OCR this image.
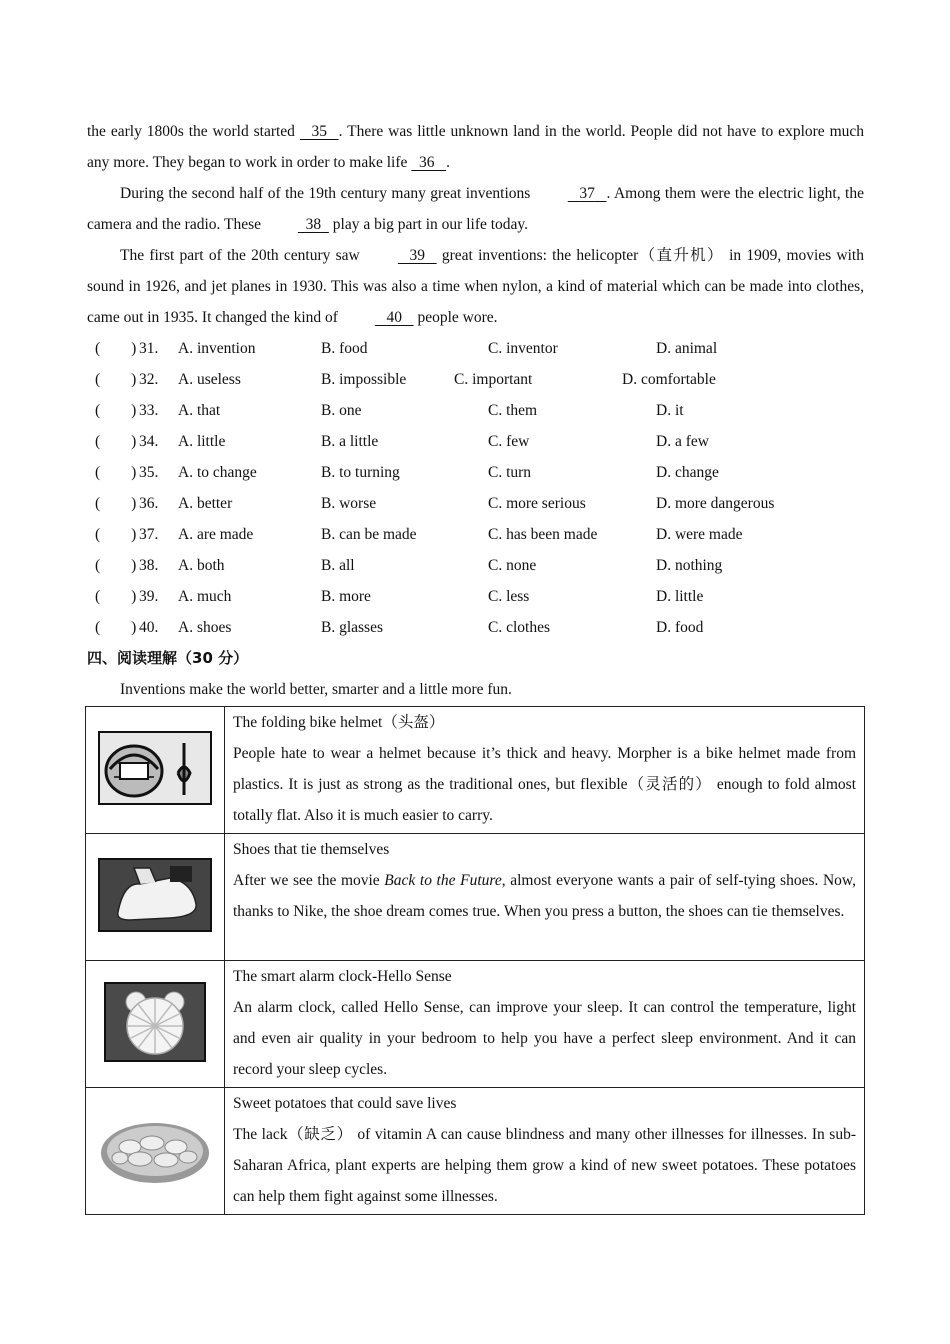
the early 1800s the world started    35 . There was little unknown land in the world. People did not have to explore much any more. They began to work in order to make life   36 .

During the second half of the 19th century many great inventions	37 . Among them were the electric light, the camera and the radio. These	38   play a big part in our life today.

The first part of the 20th century saw	39    great inventions: the helicopter（直升机） in 1909, movies with sound in 1926, and jet planes in 1930. This was also a time when nylon, a kind of material which can be made into clothes, came out in 1935. It changed the kind of	40    people wore.

(　　) 31. A. invention	B. food	C. inventor	D. animal
(　　) 32. A. useless	B. impossible	C. important	D. comfortable
(　　) 33. A. that	B. one	C. them	D. it
(　　) 34. A. little	B. a little	C. few	D. a few
(　　) 35. A. to change	B. to turning	C. turn	D. change
(　　) 36. A. better	B. worse	C. more serious	D. more dangerous
(　　) 37. A. are made	B. can be made	C. has been made	D. were made
(　　) 38. A. both	B. all	C. none	D. nothing
(　　) 39. A. much	B. more	C. less	D. little
(　　) 40. A. shoes	B. glasses	C. clothes	D. food

四、阅读理解（30 分）

Inventions make the world better, smarter and a little more fun.

The folding bike helmet（头盔）

People hate to wear a helmet because it’s thick and heavy. Morpher is a bike helmet made from plastics. It is just as strong as the traditional ones, but flexible（灵活的） enough to fold almost totally flat. Also it is much easier to carry.

Shoes that tie themselves

After we see the movie Back to the Future, almost everyone wants a pair of self-tying shoes. Now, thanks to Nike, the shoe dream comes true. When you press a button, the shoes can tie themselves.

The smart alarm clock-Hello Sense

An alarm clock, called Hello Sense, can improve your sleep. It can control the temperature, light and even air quality in your bedroom to help you have a perfect sleep environment. And it can record your sleep cycles.

Sweet potatoes that could save lives

The lack（缺乏） of vitamin A can cause blindness and many other illnesses for illnesses. In sub-Saharan Africa, plant experts are helping them grow a kind of new sweet potatoes. These potatoes can help them fight against some illnesses.
